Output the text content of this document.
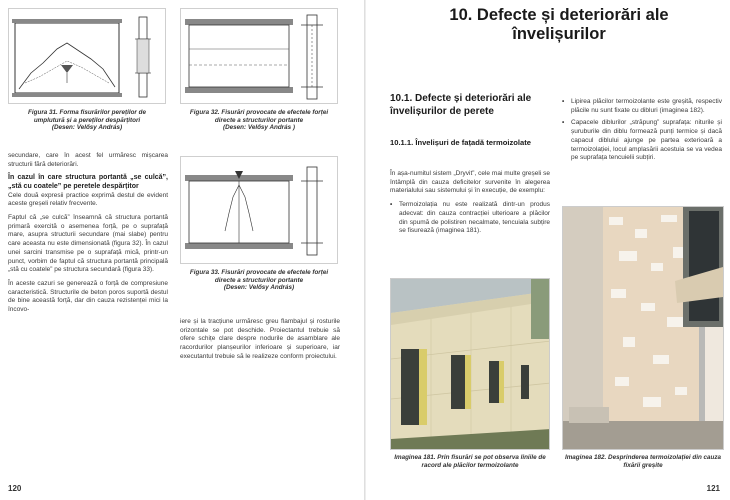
Figura 31. Forma fisurărilor pereților de umplutură și a pereților despărțitori
(Desen: Velősy András)
Figura 32. Fisurări provocate de efectele forței directe a structurilor portante
(Desen: Velősy András )
Figura 33. Fisurări provocate de efectele forței directe a structurilor portante
(Desen: Velősy András)

secundare, care în acest fel urmăresc mișcarea structurii fără deteriorări.

În cazul în care structura portantă „se culcă”, „stă cu coatele” pe peretele despărțitor

Cele două expresii practice exprimă destul de evident aceste greșeli relativ frecvente.

Faptul că „se culcă” înseamnă că structura portantă primară exercită o asemenea forță, pe o suprafață mare, asupra structurii secundare (mai slabe) pentru care aceasta nu este dimensionată (figura 32). În cazul unei sarcini transmise pe o suprafață mică, printr-un punct, vorbim de faptul că structura portantă principală „stă cu coatele” pe structura secundară (figura 33).

În aceste cazuri se generează o forță de compresiune caracteristică. Structurile de beton poros suportă destul de bine această forță, dar din cauza rezistenței mici la încovo-

iere și la tracțiune urmăresc greu flambajul și rosturile orizontale se pot deschide. Proiectantul trebuie să ofere schițe clare despre nodurile de asamblare ale racordurilor planșeurilor inferioare și superioare, iar executantul trebuie să le realizeze conform proiectului.

120
10. Defecte și deteriorări ale învelișurilor
10.1. Defecte și deteriorări ale învelișurilor de perete
10.1.1. Învelișuri de fațadă termoizolate

În așa-numitul sistem „Dryvit”, cele mai multe greșeli se întâmplă din cauza deficitelor survenite în alegerea materialului sau sistemului și în execuție, de exemplu:

• Termoizolația nu este realizată dintr-un produs adecvat: din cauza contracției ulterioare a plăcilor din spumă de polistiren necalmate, tencuiala subțire se fisurează (imaginea 181).
• Lipirea plăcilor termoizolante este greșită, respectiv plăcile nu sunt fixate cu dibluri (imaginea 182).
• Capacele diblurilor „străpung” suprafața: niturile și șuruburile din diblu formează punți termice și dacă capacul diblului ajunge pe partea exterioară a termoizolației, locul amplasării acestuia se va vedea pe suprafața tencuielii subțiri.
Imaginea 181. Prin fisurări se pot observa liniile de racord ale plăcilor termoizolante
Imaginea 182. Desprinderea termoizolației din cauza fixării greșite
121
